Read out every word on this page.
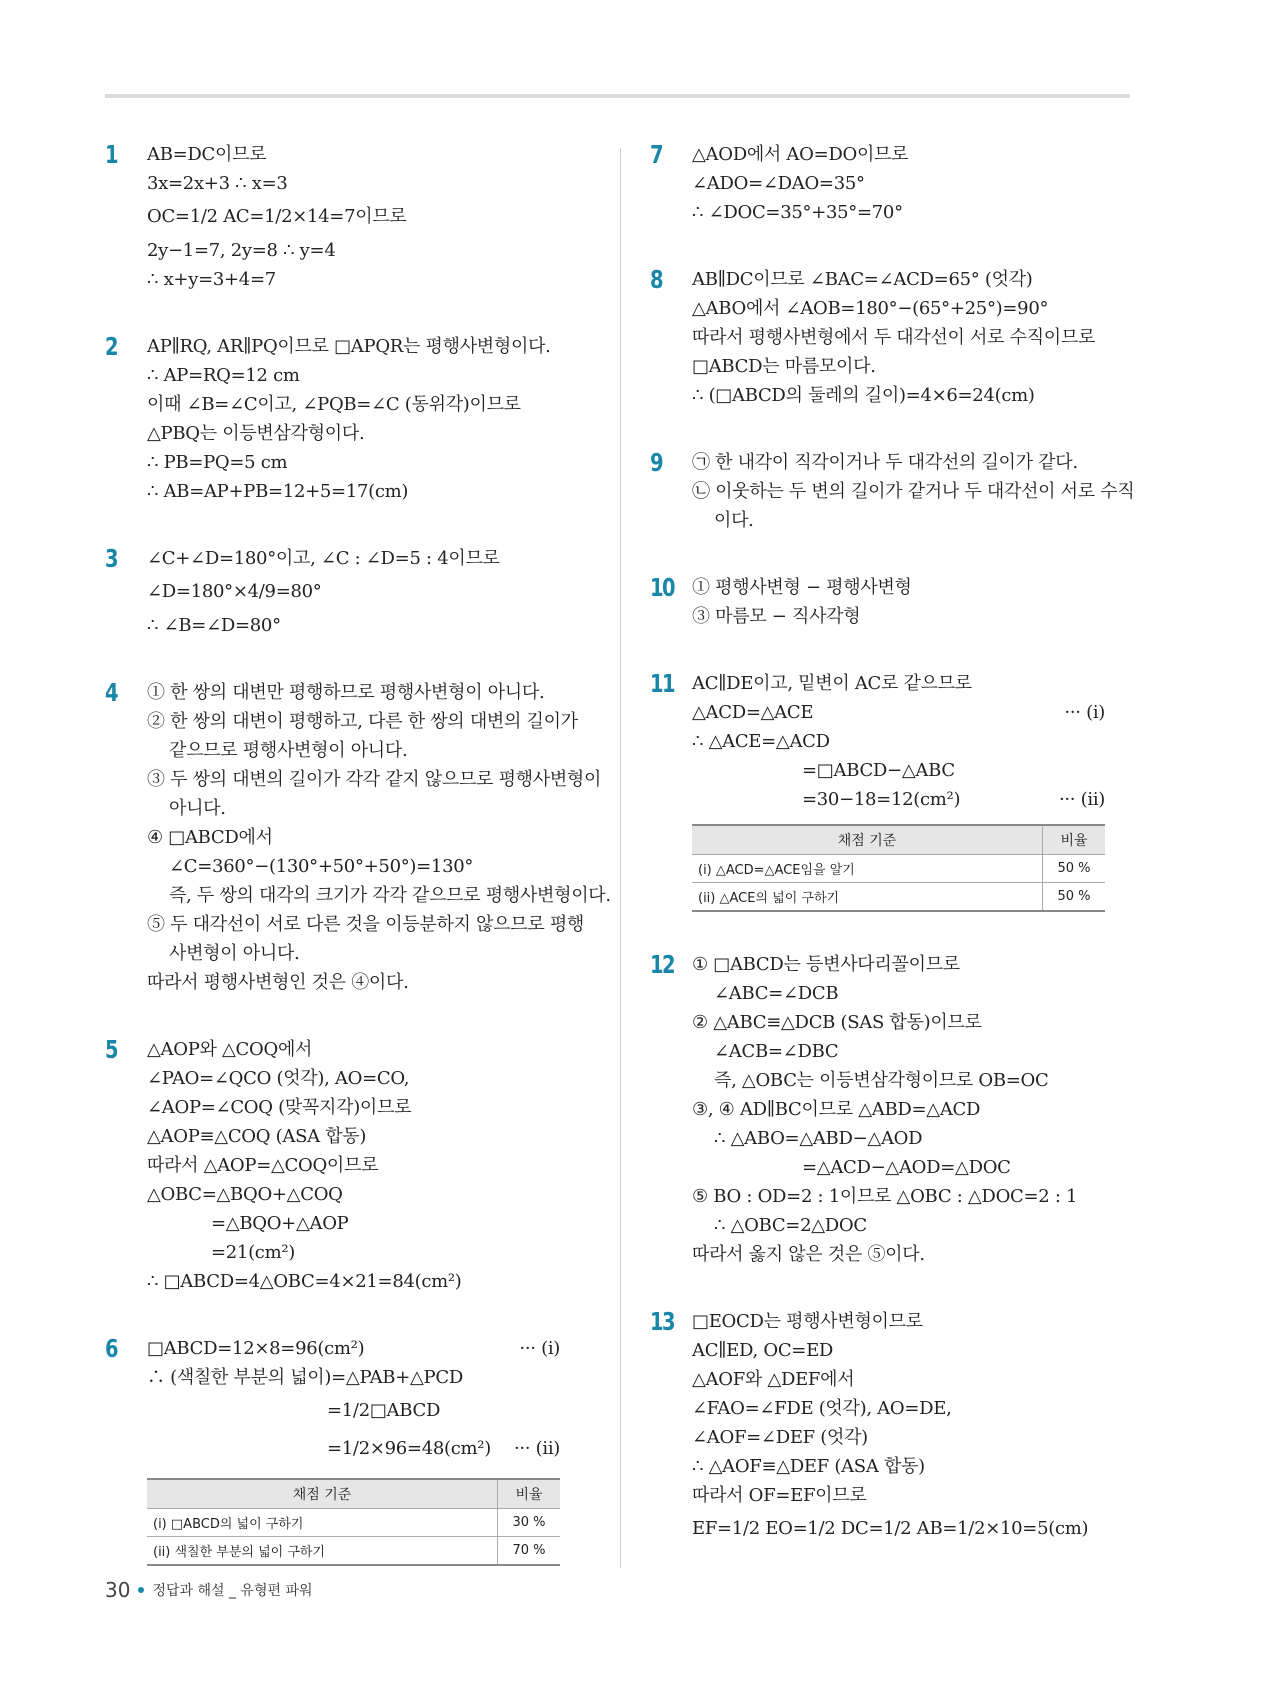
1 AB=DC이므로
3x=2x+3 ∴ x=3
OC=1/2 AC=1/2×14=7이므로
2y−1=7, 2y=8 ∴ y=4
∴ x+y=3+4=7
2 AP∥RQ, AR∥PQ이므로 □APQR는 평행사변형이다.
∴ AP=RQ=12 cm
이때 ∠B=∠C이고, ∠PQB=∠C (동위각)이므로
△PBQ는 이등변삼각형이다.
∴ PB=PQ=5 cm
∴ AB=AP+PB=12+5=17(cm)
3 ∠C+∠D=180°이고, ∠C : ∠D=5 : 4이므로
∠D=180°×4/9=80°
∴ ∠B=∠D=80°
4 ① 한 쌍의 대변만 평행하므로 평행사변형이 아니다.
② 한 쌍의 대변이 평행하고, 다른 한 쌍의 대변의 길이가
같으므로 평행사변형이 아니다.
③ 두 쌍의 대변의 길이가 각각 같지 않으므로 평행사변형이
아니다.
④ □ABCD에서
∠C=360°−(130°+50°+50°)=130°
즉, 두 쌍의 대각의 크기가 각각 같으므로 평행사변형이다.
⑤ 두 대각선이 서로 다른 것을 이등분하지 않으므로 평행
사변형이 아니다.
따라서 평행사변형인 것은 ④이다.
5 △AOP와 △COQ에서
∠PAO=∠QCO (엇각), AO=CO,
∠AOP=∠COQ (맞꼭지각)이므로
△AOP≡△COQ (ASA 합동)
따라서 △AOP=△COQ이므로
△OBC=△BQO+△COQ
=△BQO+△AOP
=21(cm²)
∴ □ABCD=4△OBC=4×21=84(cm²)
6 □ABCD=12×8=96(cm²)	··· (i)
∴ (색칠한 부분의 넓이)=△PAB+△PCD
=1/2□ABCD
=1/2×96=48(cm²) ··· (ii)
채점 기준	비율
(i) □ABCD의 넓이 구하기	30 %
(ii) 색칠한 부분의 넓이 구하기	70 %
7 △AOD에서 AO=DO이므로
∠ADO=∠DAO=35°
∴ ∠DOC=35°+35°=70°
8 AB∥DC이므로 ∠BAC=∠ACD=65° (엇각)
△ABO에서 ∠AOB=180°−(65°+25°)=90°
따라서 평행사변형에서 두 대각선이 서로 수직이므로
□ABCD는 마름모이다.
∴ (□ABCD의 둘레의 길이)=4×6=24(cm)
9 ㉠ 한 내각이 직각이거나 두 대각선의 길이가 같다.
㉡ 이웃하는 두 변의 길이가 같거나 두 대각선이 서로 수직
이다.
10 ① 평행사변형 − 평행사변형
③ 마름모 − 직사각형
11 AC∥DE이고, 밑변이 AC로 같으므로
△ACD=△ACE	··· (i)
∴ △ACE=△ACD
=□ABCD−△ABC
=30−18=12(cm²)	··· (ii)
채점 기준	비율
(i) △ACD=△ACE임을 알기	50 %
(ii) △ACE의 넓이 구하기	50 %
12 ① □ABCD는 등변사다리꼴이므로
∠ABC=∠DCB
② △ABC≡△DCB (SAS 합동)이므로
∠ACB=∠DBC
즉, △OBC는 이등변삼각형이므로 OB=OC
③, ④ AD∥BC이므로 △ABD=△ACD
∴ △ABO=△ABD−△AOD
=△ACD−△AOD=△DOC
⑤ BO : OD=2 : 1이므로 △OBC : △DOC=2 : 1
∴ △OBC=2△DOC
따라서 옳지 않은 것은 ⑤이다.
13 □EOCD는 평행사변형이므로
AC∥ED, OC=ED
△AOF와 △DEF에서
∠FAO=∠FDE (엇각), AO=DE,
∠AOF=∠DEF (엇각)
∴ △AOF≡△DEF (ASA 합동)
따라서 OF=EF이므로
EF=1/2 EO=1/2 DC=1/2 AB=1/2×10=5(cm)
30 정답과 해설 _ 유형편 파워
